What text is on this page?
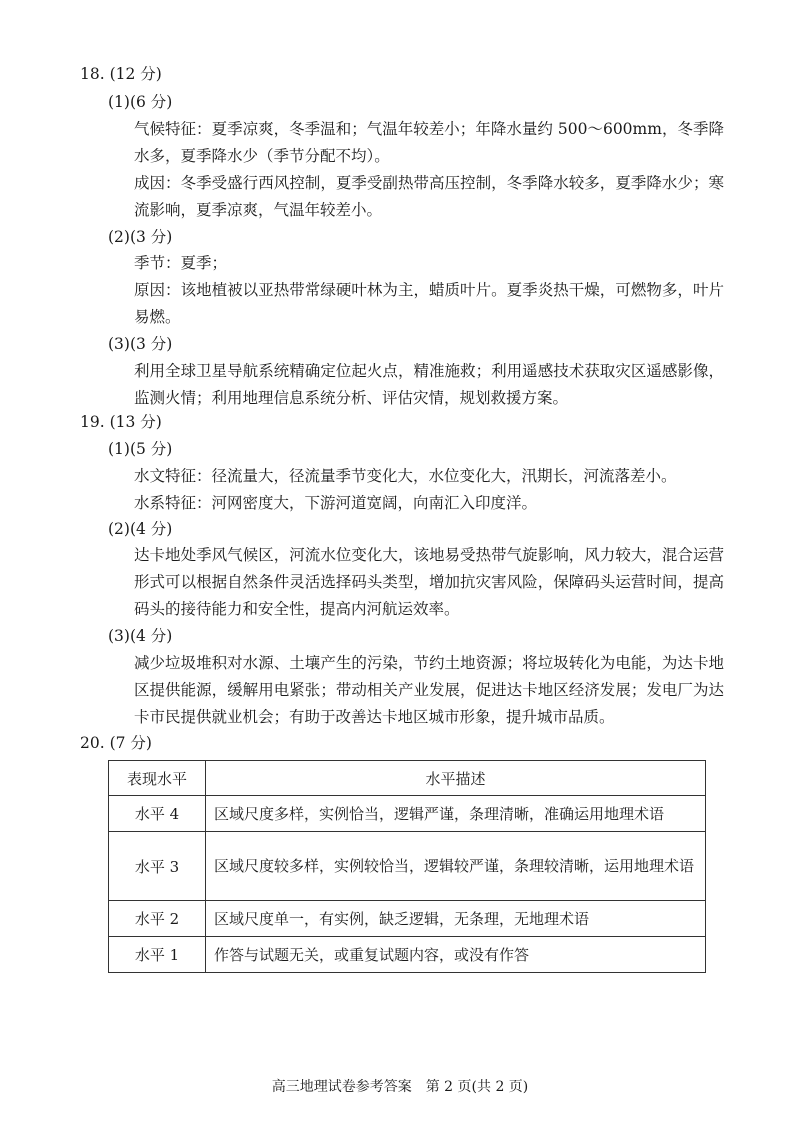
18. (12 分)
(1)(6 分)
气候特征：夏季凉爽，冬季温和；气温年较差小；年降水量约 500～600mm，冬季降水多，夏季降水少（季节分配不均）。
成因：冬季受盛行西风控制，夏季受副热带高压控制，冬季降水较多，夏季降水少；寒流影响，夏季凉爽，气温年较差小。
(2)(3 分)
季节：夏季；
原因：该地植被以亚热带常绿硬叶林为主，蜡质叶片。夏季炎热干燥，可燃物多，叶片易燃。
(3)(3 分)
利用全球卫星导航系统精确定位起火点，精准施救；利用遥感技术获取灾区遥感影像，监测火情；利用地理信息系统分析、评估灾情，规划救援方案。
19. (13 分)
(1)(5 分)
水文特征：径流量大，径流量季节变化大，水位变化大，汛期长，河流落差小。
水系特征：河网密度大，下游河道宽阔，向南汇入印度洋。
(2)(4 分)
达卡地处季风气候区，河流水位变化大，该地易受热带气旋影响，风力较大，混合运营形式可以根据自然条件灵活选择码头类型，增加抗灾害风险，保障码头运营时间，提高码头的接待能力和安全性，提高内河航运效率。
(3)(4 分)
减少垃圾堆积对水源、土壤产生的污染，节约土地资源；将垃圾转化为电能，为达卡地区提供能源，缓解用电紧张；带动相关产业发展，促进达卡地区经济发展；发电厂为达卡市民提供就业机会；有助于改善达卡地区城市形象，提升城市品质。
20. (7 分)
表现水平	水平描述
水平 4	区域尺度多样，实例恰当，逻辑严谨，条理清晰，准确运用地理术语
水平 3	区域尺度较多样，实例较恰当，逻辑较严谨，条理较清晰，运用地理术语
水平 2	区域尺度单一，有实例，缺乏逻辑，无条理，无地理术语
水平 1	作答与试题无关，或重复试题内容，或没有作答
高三地理试卷参考答案　第 2 页(共 2 页)
